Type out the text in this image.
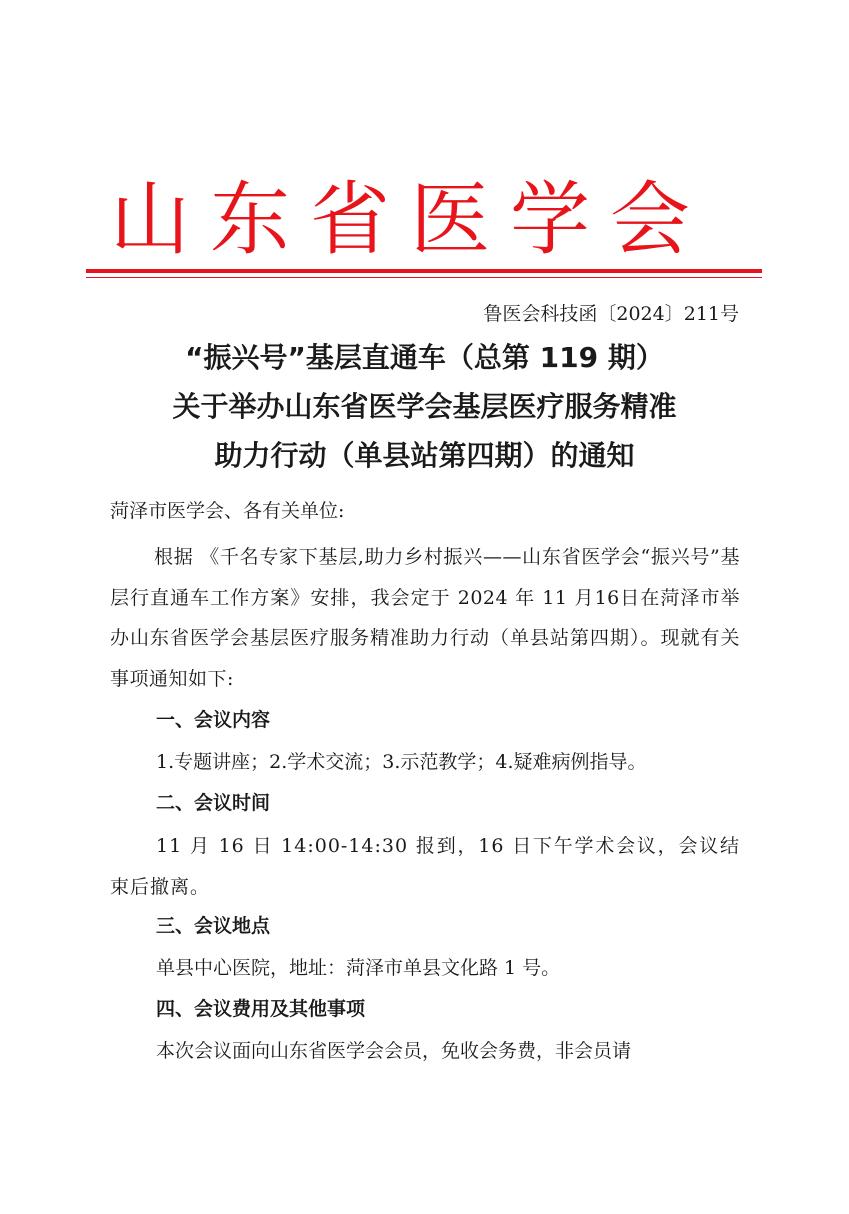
山东省医学会
鲁医会科技函〔2024〕211号
“振兴号”基层直通车（总第 119 期）
关于举办山东省医学会基层医疗服务精准
助力行动（单县站第四期）的通知
菏泽市医学会、各有关单位:
根据 《千名专家下基层,助力乡村振兴——山东省医学会“振兴号”基层行直通车工作方案》安排，我会定于 2024 年 11 月16日在菏泽市举办山东省医学会基层医疗服务精准助力行动（单县站第四期）。现就有关事项通知如下:
一、会议内容
1.专题讲座；2.学术交流；3.示范教学；4.疑难病例指导。
二、会议时间
11 月 16 日 14:00-14:30 报到，16 日下午学术会议，会议结束后撤离。
三、会议地点
单县中心医院，地址：菏泽市单县文化路 1 号。
四、会议费用及其他事项
本次会议面向山东省医学会会员，免收会务费，非会员请
